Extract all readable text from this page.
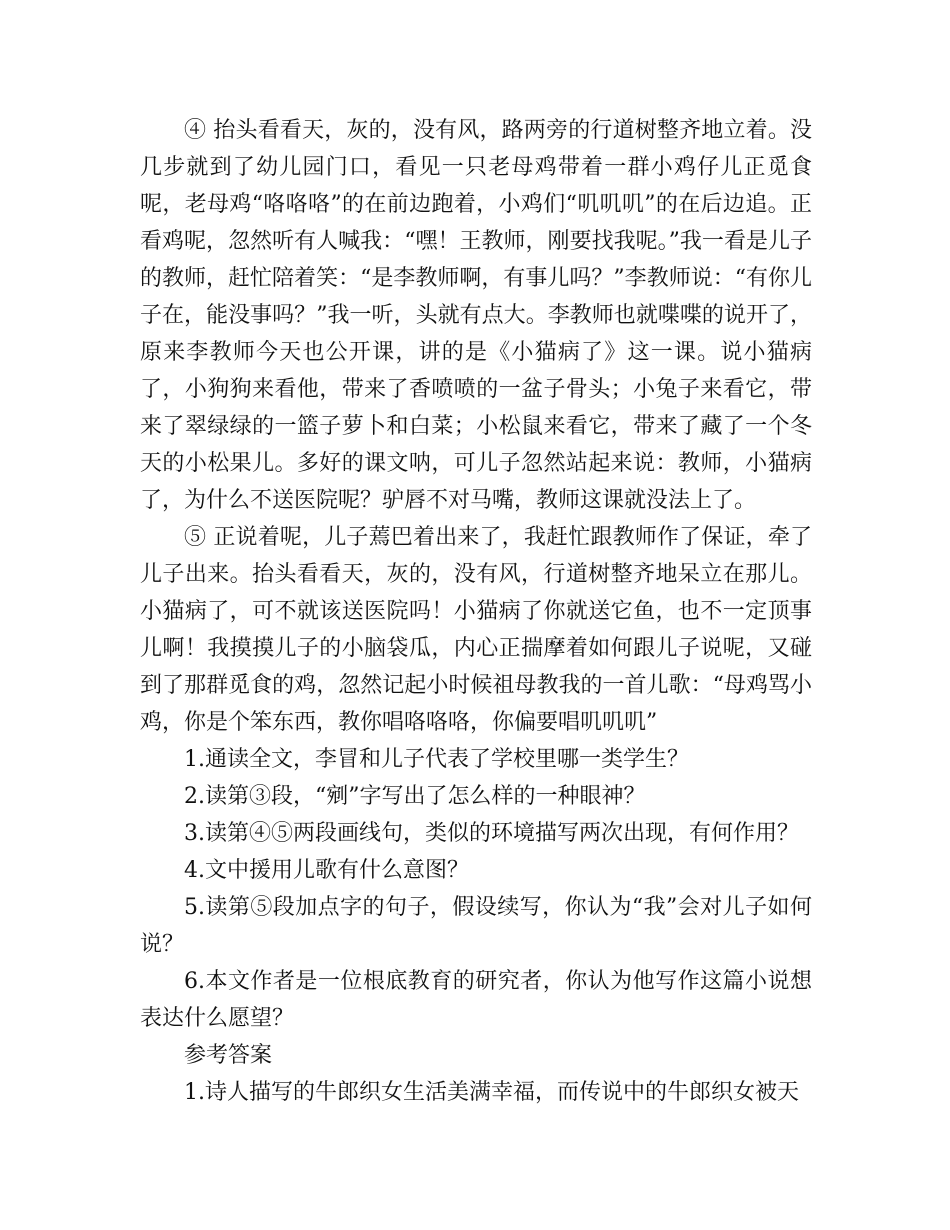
④ 抬头看看天，灰的，没有风，路两旁的行道树整齐地立着。没几步就到了幼儿园门口，看见一只老母鸡带着一群小鸡仔儿正觅食呢，老母鸡“咯咯咯”的在前边跑着，小鸡们“叽叽叽”的在后边追。正看鸡呢，忽然听有人喊我：“嘿！王教师，刚要找我呢。”我一看是儿子的教师，赶忙陪着笑：“是李教师啊，有事儿吗？”李教师说：“有你儿子在，能没事吗？”我一听，头就有点大。李教师也就喋喋的说开了，原来李教师今天也公开课，讲的是《小猫病了》这一课。说小猫病了，小狗狗来看他，带来了香喷喷的一盆子骨头；小兔子来看它，带来了翠绿绿的一篮子萝卜和白菜；小松鼠来看它，带来了藏了一个冬天的小松果儿。多好的课文呐，可儿子忽然站起来说：教师，小猫病了，为什么不送医院呢？驴唇不对马嘴，教师这课就没法上了。

⑤ 正说着呢，儿子蔫巴着出来了，我赶忙跟教师作了保证，牵了儿子出来。抬头看看天，灰的，没有风，行道树整齐地呆立在那儿。小猫病了，可不就该送医院吗！小猫病了你就送它鱼，也不一定顶事儿啊！我摸摸儿子的小脑袋瓜，内心正揣摩着如何跟儿子说呢，又碰到了那群觅食的鸡，忽然记起小时候祖母教我的一首儿歌：“母鸡骂小鸡，你是个笨东西，教你唱咯咯咯，你偏要唱叽叽叽”

1.通读全文，李冒和儿子代表了学校里哪一类学生？

2.读第③段，“剜”字写出了怎么样的一种眼神？

3.读第④⑤两段画线句，类似的环境描写两次出现，有何作用？

4.文中援用儿歌有什么意图？

5.读第⑤段加点字的句子，假设续写，你认为“我”会对儿子如何说？

6.本文作者是一位根底教育的研究者，你认为他写作这篇小说想表达什么愿望？

参考答案

1.诗人描写的牛郎织女生活美满幸福，而传说中的牛郎织女被天
